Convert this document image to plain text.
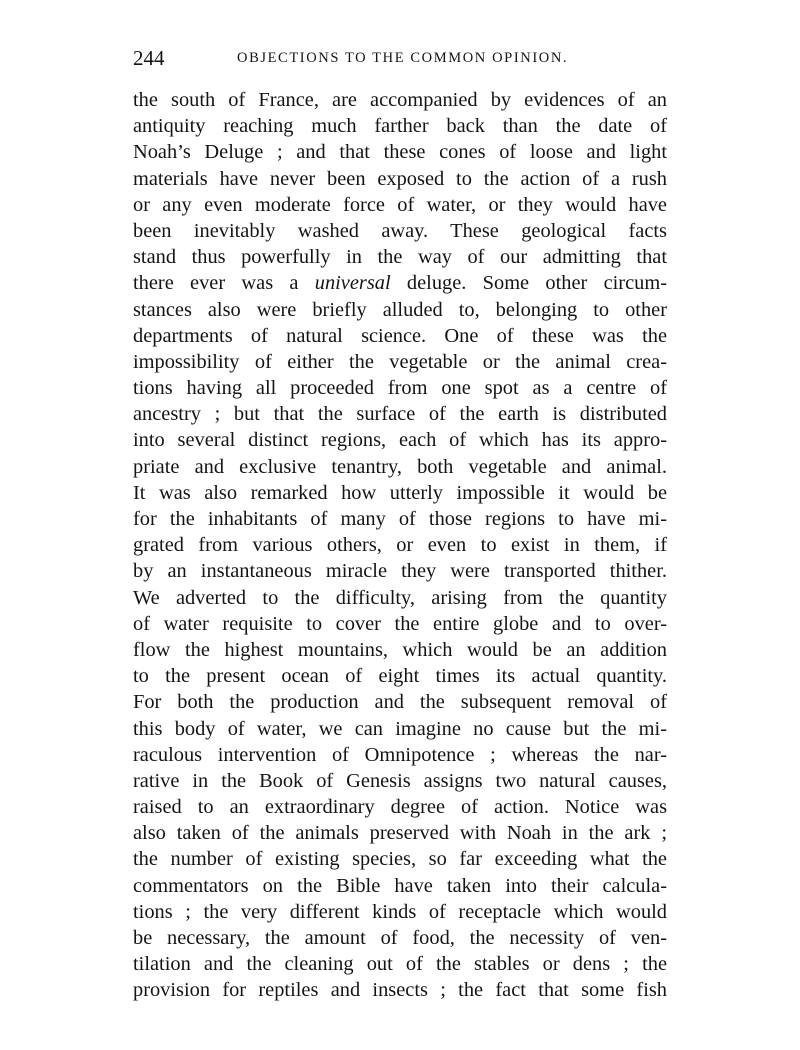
244	OBJECTIONS TO THE COMMON OPINION.
the south of France, are accompanied by evidences of an
antiquity reaching much farther back than the date of
Noah’s Deluge ; and that these cones of loose and light
materials have never been exposed to the action of a rush
or any even moderate force of water, or they would have
been inevitably washed away. These geological facts
stand thus powerfully in the way of our admitting that
there ever was a universal deluge. Some other circum-
stances also were briefly alluded to, belonging to other
departments of natural science. One of these was the
impossibility of either the vegetable or the animal crea-
tions having all proceeded from one spot as a centre of
ancestry ; but that the surface of the earth is distributed
into several distinct regions, each of which has its appro-
priate and exclusive tenantry, both vegetable and animal.
It was also remarked how utterly impossible it would be
for the inhabitants of many of those regions to have mi-
grated from various others, or even to exist in them, if
by an instantaneous miracle they were transported thither.
We adverted to the difficulty, arising from the quantity
of water requisite to cover the entire globe and to over-
flow the highest mountains, which would be an addition
to the present ocean of eight times its actual quantity.
For both the production and the subsequent removal of
this body of water, we can imagine no cause but the mi-
raculous intervention of Omnipotence ; whereas the nar-
rative in the Book of Genesis assigns two natural causes,
raised to an extraordinary degree of action. Notice was
also taken of the animals preserved with Noah in the ark ;
the number of existing species, so far exceeding what the
commentators on the Bible have taken into their calcula-
tions ; the very different kinds of receptacle which would
be necessary, the amount of food, the necessity of ven-
tilation and the cleaning out of the stables or dens ; the
provision for reptiles and insects ; the fact that some fish
